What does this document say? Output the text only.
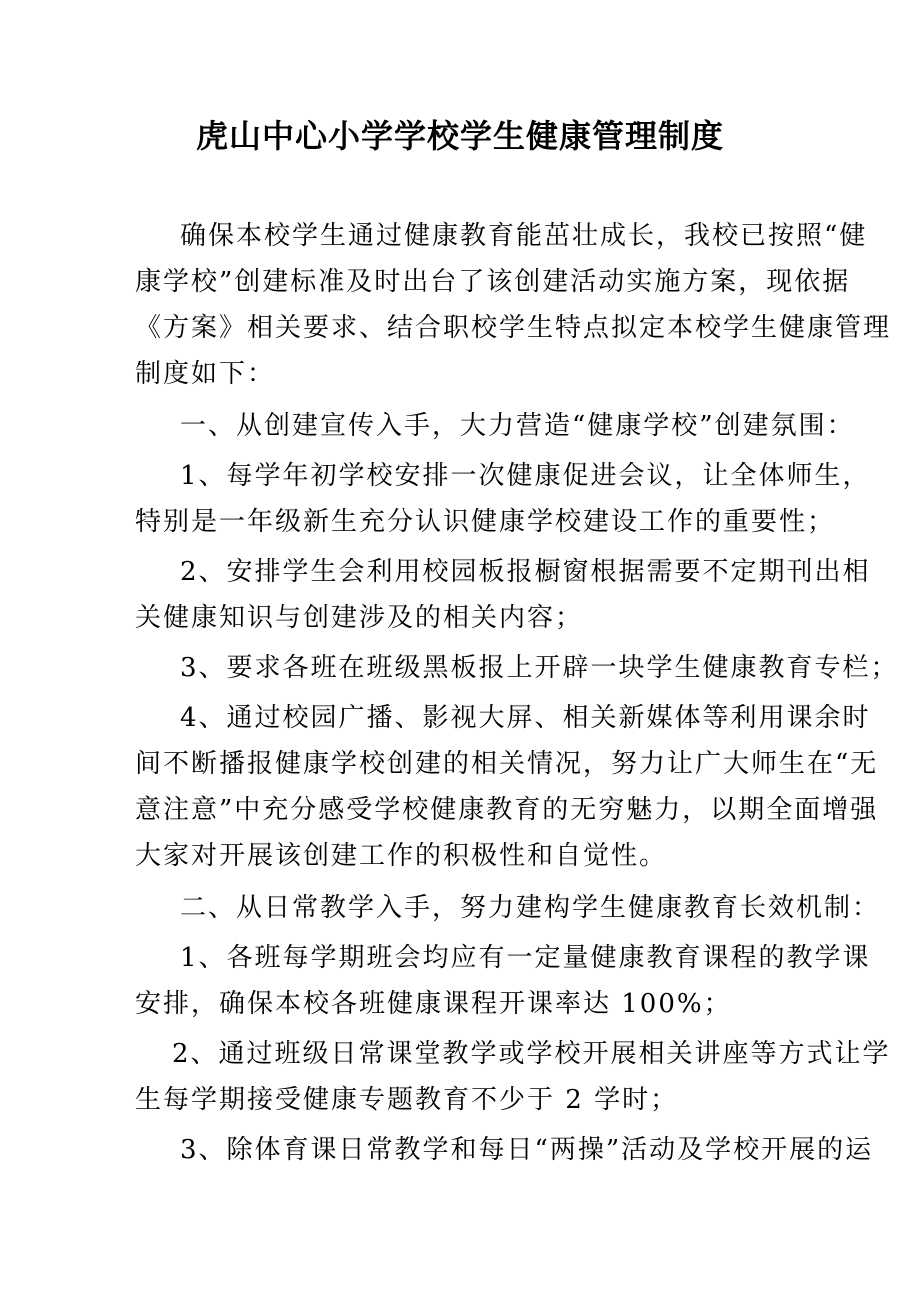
虎山中心小学学校学生健康管理制度
确保本校学生通过健康教育能茁壮成长，我校已按照“健
康学校”创建标准及时出台了该创建活动实施方案，现依据
《方案》相关要求、结合职校学生特点拟定本校学生健康管理
制度如下：
一、从创建宣传入手，大力营造“健康学校”创建氛围：
1、每学年初学校安排一次健康促进会议，让全体师生，
特别是一年级新生充分认识健康学校建设工作的重要性；
2、安排学生会利用校园板报橱窗根据需要不定期刊出相
关健康知识与创建涉及的相关内容；
3、要求各班在班级黑板报上开辟一块学生健康教育专栏；
4、通过校园广播、影视大屏、相关新媒体等利用课余时
间不断播报健康学校创建的相关情况，努力让广大师生在“无
意注意”中充分感受学校健康教育的无穷魅力，以期全面增强
大家对开展该创建工作的积极性和自觉性。
二、从日常教学入手，努力建构学生健康教育长效机制：
1、各班每学期班会均应有一定量健康教育课程的教学课
安排，确保本校各班健康课程开课率达 100%；
2、通过班级日常课堂教学或学校开展相关讲座等方式让学
生每学期接受健康专题教育不少于 2 学时；
3、除体育课日常教学和每日“两操”活动及学校开展的运
